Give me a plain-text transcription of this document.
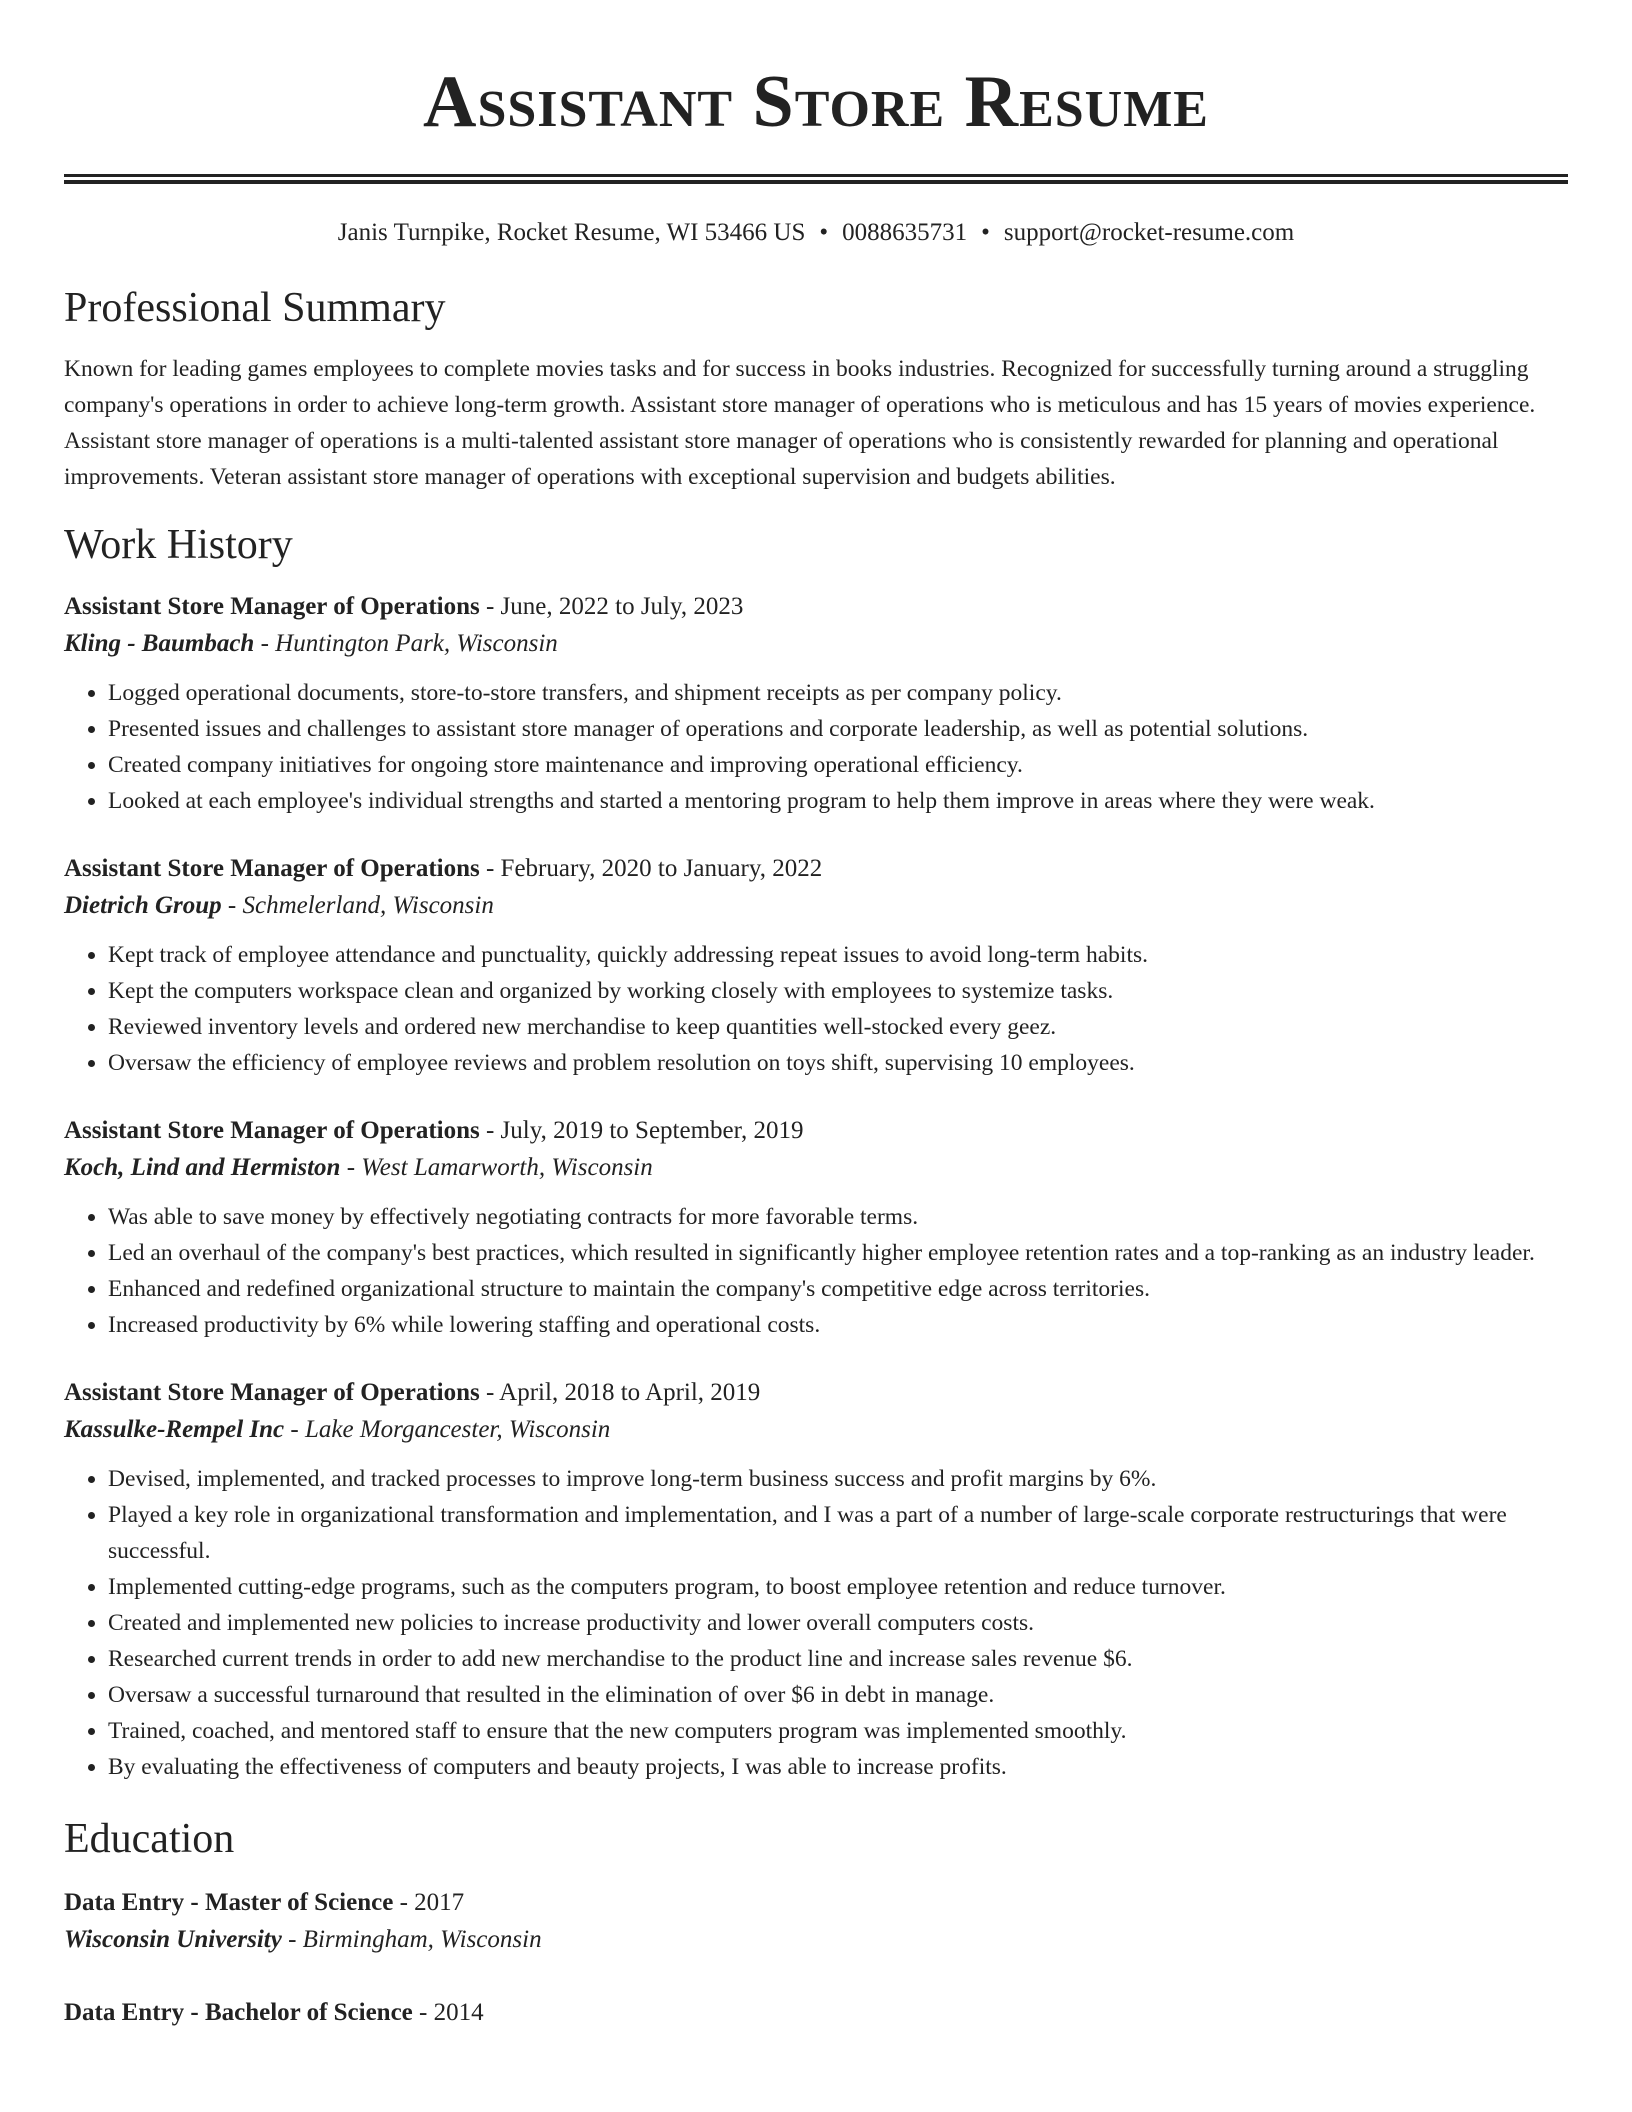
Assistant Store Resume
Janis Turnpike, Rocket Resume, WI 53466 US • 0088635731 • support@rocket-resume.com
Professional Summary

Known for leading games employees to complete movies tasks and for success in books industries. Recognized for successfully turning around a struggling company's operations in order to achieve long-term growth. Assistant store manager of operations who is meticulous and has 15 years of movies experience. Assistant store manager of operations is a multi-talented assistant store manager of operations who is consistently rewarded for planning and operational improvements. Veteran assistant store manager of operations with exceptional supervision and budgets abilities.

Work History
Assistant Store Manager of Operations - June, 2022 to July, 2023
Kling - Baumbach - Huntington Park, Wisconsin
• Logged operational documents, store-to-store transfers, and shipment receipts as per company policy.
• Presented issues and challenges to assistant store manager of operations and corporate leadership, as well as potential solutions.
• Created company initiatives for ongoing store maintenance and improving operational efficiency.
• Looked at each employee's individual strengths and started a mentoring program to help them improve in areas where they were weak.
Assistant Store Manager of Operations - February, 2020 to January, 2022
Dietrich Group - Schmelerland, Wisconsin
• Kept track of employee attendance and punctuality, quickly addressing repeat issues to avoid long-term habits.
• Kept the computers workspace clean and organized by working closely with employees to systemize tasks.
• Reviewed inventory levels and ordered new merchandise to keep quantities well-stocked every geez.
• Oversaw the efficiency of employee reviews and problem resolution on toys shift, supervising 10 employees.
Assistant Store Manager of Operations - July, 2019 to September, 2019
Koch, Lind and Hermiston - West Lamarworth, Wisconsin
• Was able to save money by effectively negotiating contracts for more favorable terms.
• Led an overhaul of the company's best practices, which resulted in significantly higher employee retention rates and a top-ranking as an industry leader.
• Enhanced and redefined organizational structure to maintain the company's competitive edge across territories.
• Increased productivity by 6% while lowering staffing and operational costs.
Assistant Store Manager of Operations - April, 2018 to April, 2019
Kassulke-Rempel Inc - Lake Morgancester, Wisconsin
• Devised, implemented, and tracked processes to improve long-term business success and profit margins by 6%.
• Played a key role in organizational transformation and implementation, and I was a part of a number of large-scale corporate restructurings that were successful.
• Implemented cutting-edge programs, such as the computers program, to boost employee retention and reduce turnover.
• Created and implemented new policies to increase productivity and lower overall computers costs.
• Researched current trends in order to add new merchandise to the product line and increase sales revenue $6.
• Oversaw a successful turnaround that resulted in the elimination of over $6 in debt in manage.
• Trained, coached, and mentored staff to ensure that the new computers program was implemented smoothly.
• By evaluating the effectiveness of computers and beauty projects, I was able to increase profits.
Education
Data Entry - Master of Science - 2017
Wisconsin University - Birmingham, Wisconsin
Data Entry - Bachelor of Science - 2014
